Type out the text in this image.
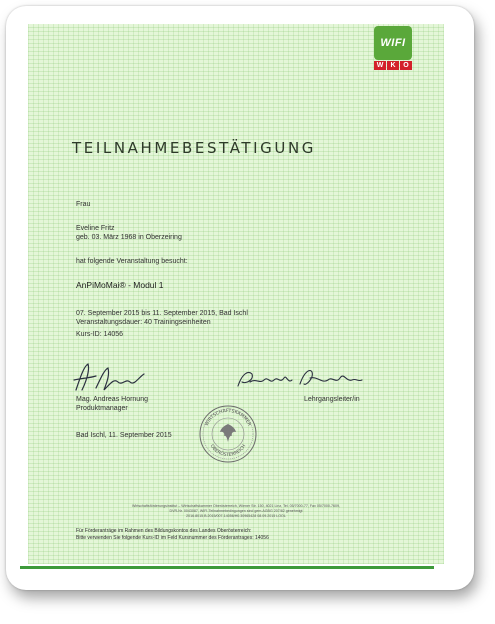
WIFI
W	K	O
TEILNAHMEBESTÄTIGUNG
Frau
Eveline Fritz
geb. 03. März 1968 in Oberzeiring
hat folgende Veranstaltung besucht:
AnPiMoMai® - Modul 1
07. September 2015 bis 11. September 2015, Bad Ischl
Veranstaltungsdauer: 40 Trainingseinheiten
Kurs-ID: 14056
Mag. Andreas Hornung
Produktmanager
Lehrgangsleiter/in
Bad Ischl, 11. September 2015
WIRTSCHAFTSKAMMER
OBERÖSTERREICH
Wirtschaftsförderungsinstitut – Wirtschaftskammer Oberösterreich, Wiener Str. 150, 4021 Linz, Tel. 05/7000-77, Fax 05/7000-7609,
DVR-Nr. 0043087, WIFI-Teilnahmebedingungen sind gem.AGBG 207/82 genehmigt
2016.8015.B.2015/007-14056/H0.30965428 08.09.2015 LOOL
Für Förderanträge im Rahmen des Bildungskontos des Landes Oberösterreich:
Bitte verwenden Sie folgende Kurs-ID im Feld Kursnummer des Förderantrages: 14056
